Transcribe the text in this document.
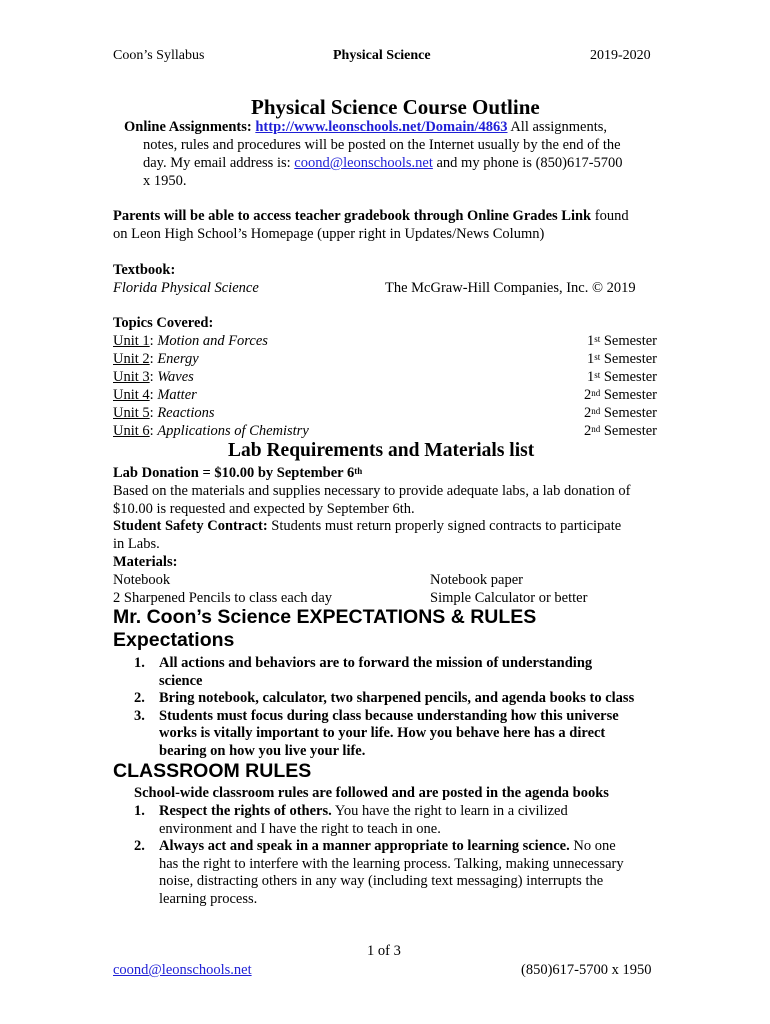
Coon’s Syllabus	Physical Science	2019-2020
Physical Science Course Outline
Online Assignments: http://www.leonschools.net/Domain/4863 All assignments,
notes, rules and procedures will be posted on the Internet usually by the end of the
day. My email address is: coond@leonschools.net and my phone is (850)617-5700
x 1950.
Parents will be able to access teacher gradebook through Online Grades Link found
on Leon High School’s Homepage (upper right in Updates/News Column)
Textbook:
Florida Physical Science	The McGraw-Hill Companies, Inc. © 2019
Topics Covered:
Unit 1: Motion and Forces	1st Semester
Unit 2: Energy	1st Semester
Unit 3: Waves	1st Semester
Unit 4: Matter	2nd Semester
Unit 5: Reactions	2nd Semester
Unit 6: Applications of Chemistry	2nd Semester
Lab Requirements and Materials list
Lab Donation = $10.00 by September 6th
Based on the materials and supplies necessary to provide adequate labs, a lab donation of
$10.00 is requested and expected by September 6th.
Student Safety Contract: Students must return properly signed contracts to participate
in Labs.
Materials:
Notebook	Notebook paper
2 Sharpened Pencils to class each day	Simple Calculator or better
Mr. Coon’s Science EXPECTATIONS & RULES
Expectations
1. All actions and behaviors are to forward the mission of understanding
science
2. Bring notebook, calculator, two sharpened pencils, and agenda books to class
3. Students must focus during class because understanding how this universe
works is vitally important to your life. How you behave here has a direct
bearing on how you live your life.
CLASSROOM RULES
School-wide classroom rules are followed and are posted in the agenda books
1. Respect the rights of others. You have the right to learn in a civilized
environment and I have the right to teach in one.
2. Always act and speak in a manner appropriate to learning science. No one
has the right to interfere with the learning process. Talking, making unnecessary
noise, distracting others in any way (including text messaging) interrupts the
learning process.
1 of 3
coond@leonschools.net	(850)617-5700 x 1950
